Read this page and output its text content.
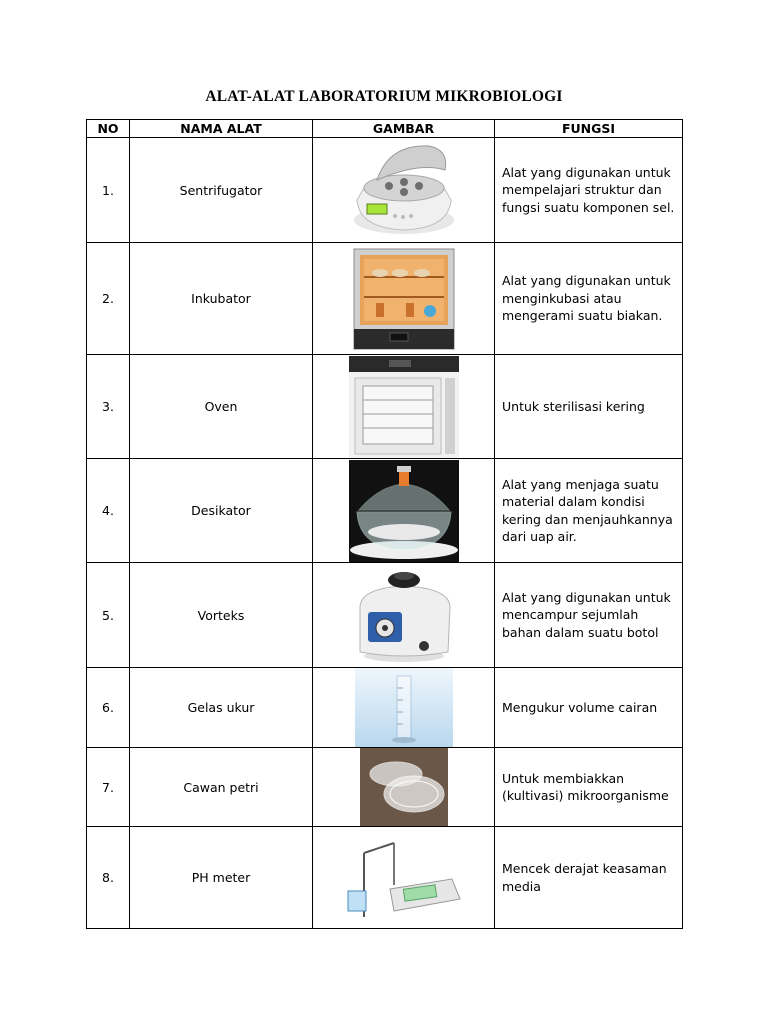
ALAT-ALAT LABORATORIUM MIKROBIOLOGI
NO	NAMA ALAT	GAMBAR	FUNGSI
1.	Sentrifugator		Alat yang digunakan untuk mempelajari struktur dan fungsi suatu komponen sel.
2.	Inkubator		Alat yang digunakan untuk menginkubasi atau mengerami suatu biakan.
3.	Oven		Untuk sterilisasi kering
4.	Desikator		Alat yang menjaga suatu material dalam kondisi kering dan menjauhkannya dari uap air.
5.	Vorteks		Alat yang digunakan untuk mencampur sejumlah bahan dalam suatu botol
6.	Gelas ukur		Mengukur volume cairan
7.	Cawan petri		Untuk membiakkan (kultivasi) mikroorganisme
8.	PH meter		Mencek derajat keasaman media
